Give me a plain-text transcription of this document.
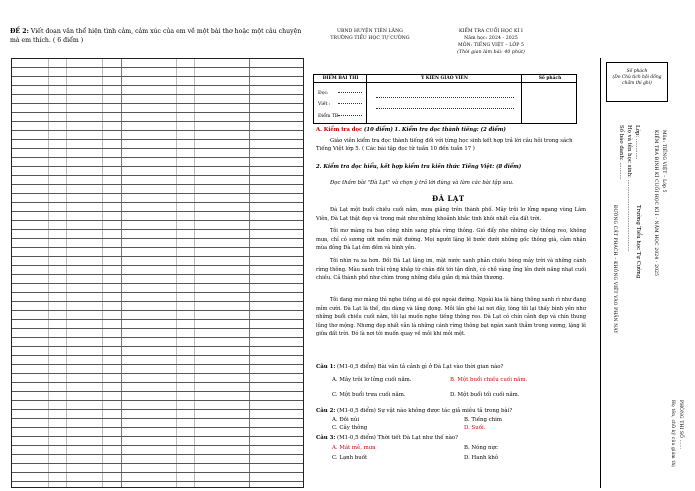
ĐỀ 2: Viết đoạn văn thể hiện tình cảm, cảm xúc của em về một bài thơ hoặc một câu chuyện mà em thích. ( 6 điểm )
UBND HUYỆN TIÊN LÃNG
TRƯỜNG TIỂU HỌC TỰ CƯỜNG
KIỂM TRA CUỐI HỌC KÌ I
Năm học: 2024 - 2025
MÔN: TIẾNG VIỆT – LỚP 5
(Thời gian làm bài: 40 phút)
ĐIỂM BÀI THI	Ý KIẾN GIÁO VIÊN	Số phách
Đọc:
Viết :
Điểm TB:
A. Kiểm tra đọc (10 điểm) 1. Kiểm tra đọc thành tiếng: (2 điểm)
Giáo viên kiểm tra đọc thành tiếng đối với từng học sinh kết hợp trả lời câu hỏi trong sách Tiếng Việt lớp 5. ( Các bài tập đọc từ tuần 10 đến tuần 17 )
2. Kiểm tra đọc hiểu, kết hợp kiểm tra kiến thức Tiếng Việt: (8 điểm)
Đọc thầm bài "Đà Lạt" và chọn ý trả lời đúng và làm các bài tập sau.
ĐÀ LẠT
Đà Lạt một buổi chiều cuối năm, mưa giăng trên thành phố. Mây trôi lơ lửng ngang vùng Lâm Viên, Đà Lạt thật đẹp và trong mát như những khoảnh khắc tinh khôi nhất của đất trời.
Tôi mơ màng ra ban công nhìn sang phía rừng thông. Gió đẩy nhẹ những cây thông reo, không mưa, chỉ có sương ướt mềm mặt đường. Mọi người lặng lẽ bước dưới những gốc thông già, cảm nhận mùa đông Đà Lạt êm đềm và bình yên.
Tôi nhìn ra xa hơn. Đồi Đà Lạt lặng im, mặt nước xanh phản chiếu bóng mây trời và những cánh rừng thông. Màu xanh trải rộng khắp từ chân đồi tới tận đỉnh, có chỗ vàng ửng lên dưới nắng nhạt cuối chiều. Cả thành phố như chìm trong những điều giản dị mà thân thương.
Tôi đang mơ màng thì nghe tiếng ai đó gọi ngoài đường. Ngoài kia là hàng thông xanh rì như đang mỉm cười. Đà Lạt là thế, dịu dàng và lắng đọng. Mỗi lần ghé lại nơi đây, lòng tôi lại thấy bình yên như những buổi chiều cuối năm, tôi lại muốn nghe tiếng thông reo. Đà Lạt có chín cảnh đẹp và chín thung lũng thơ mộng. Nhưng đẹp nhất vẫn là những cánh rừng thông bạt ngàn xanh thẳm trong sương, lặng lẽ giữa đất trời. Đó là nơi tôi muốn quay về mỗi khi mỏi mệt.
Câu 1: (M1-0,5 điểm) Bài văn tả cảnh gì ở Đà Lạt vào thời gian nào?
A. Mây trôi lơ lửng cuối năm.	B. Một buổi chiều cuối năm.
C. Một buổi trưa cuối năm.	D. Một buổi tối cuối năm.
Câu 2: (M1-0,5 điểm) Sự vật nào không được tác giả miêu tả trong bài?
A. Đồi núi	B. Tiếng chim
C. Cây thông	D. Suối.
Câu 3: (M1-0,5 điểm) Thời tiết Đà Lạt như thế nào?
A. Mát mẻ, mưa	B. Nóng nực
C. Lạnh buốt	D. Hanh khô
Số phách
(Do Chủ tịch hội đồng chấm thi ghi)
Lớp: ............
Họ và tên học sinh: ..........................................
Số báo danh: ..........
Trường Tiểu học Tự Cường
ĐƯỜNG CẮT PHÁCH – KHÔNG VIẾT VÀO PHẦN NÀY	KIỂM TRA ĐỊNH KÌ CUỐI HỌC KÌ I - NĂM HỌC 2024 - 2025 Môn: TIẾNG VIỆT – Lớp 5
PHÒNG THI SỐ ......
Họ tên, chữ ký của giám thị
